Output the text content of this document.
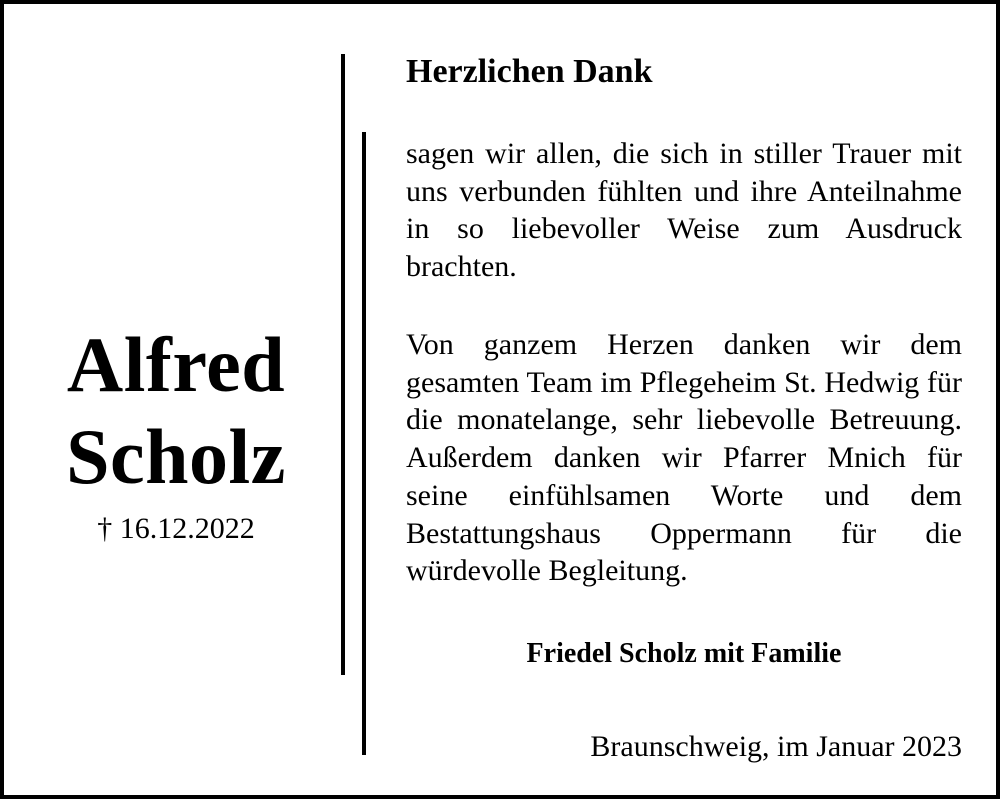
Alfred
Scholz
† 16.12.2022
Herzlichen Dank
sagen wir allen, die sich in stiller Trauer mit uns verbunden fühlten und ihre Anteilnahme in so liebevoller Weise zum Ausdruck brachten.
Von ganzem Herzen danken wir dem gesamten Team im Pflegeheim St. Hedwig für die monatelange, sehr liebevolle Betreuung. Außerdem danken wir Pfarrer Mnich für seine einfühlsamen Worte und dem Bestattungshaus Oppermann für die würdevolle Begleitung.
Friedel Scholz mit Familie
Braunschweig, im Januar 2023
